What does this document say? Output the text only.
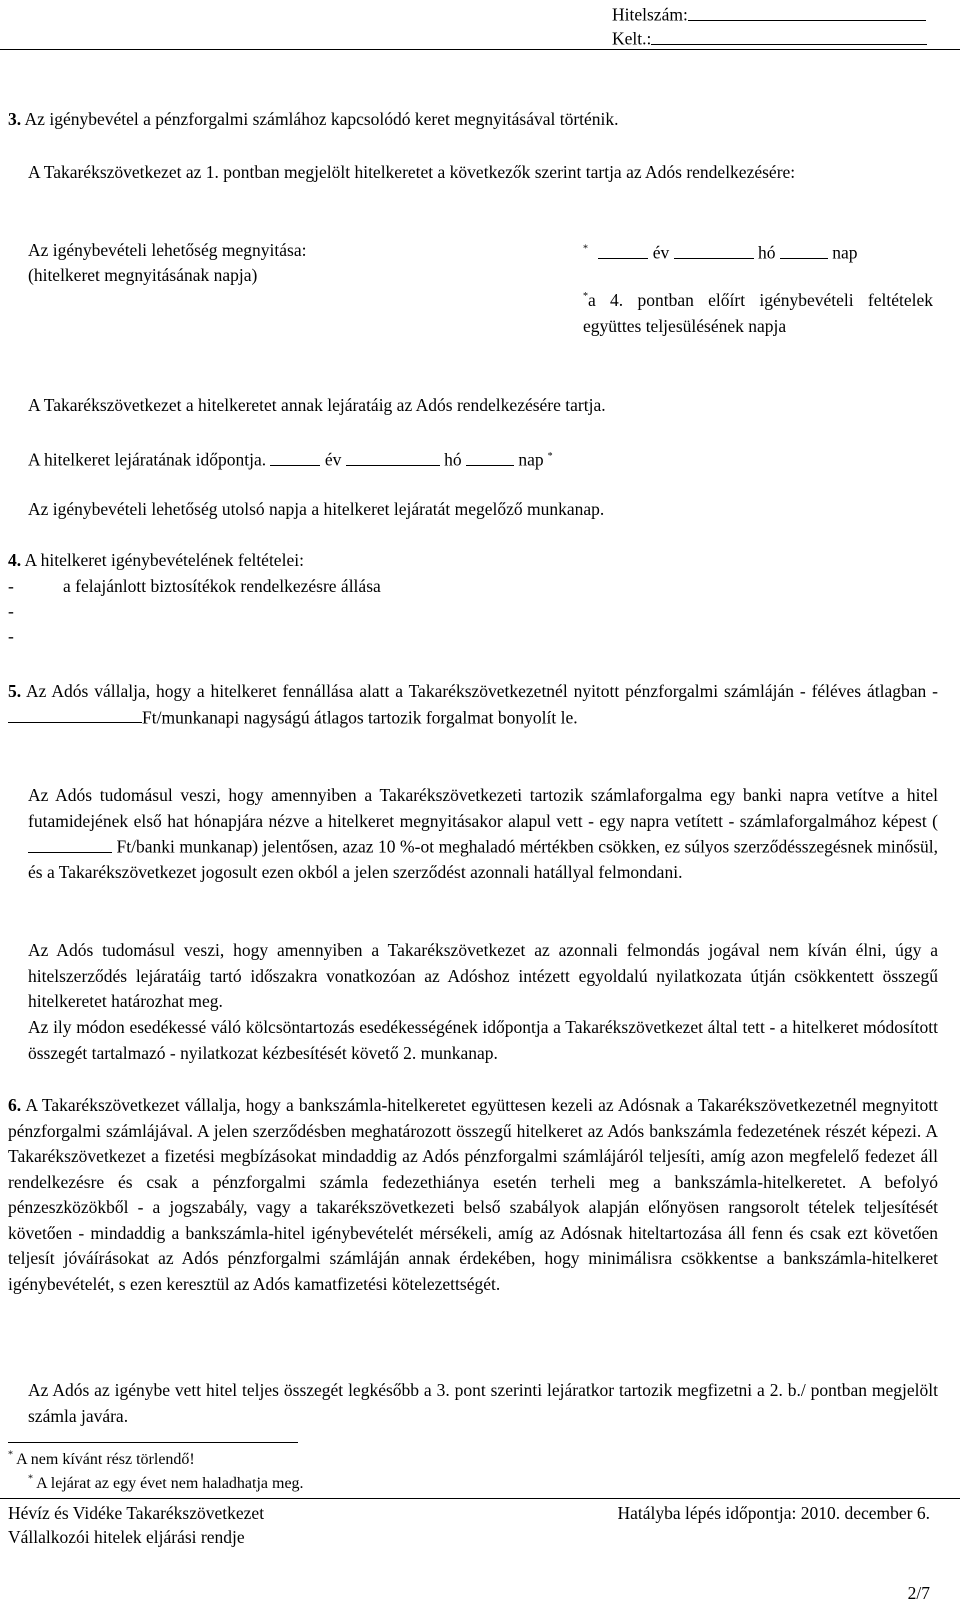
Hitelszám:
Kelt.:
3. Az igénybevétel a pénzforgalmi számlához kapcsolódó keret megnyitásával történik.
A Takarékszövetkezet az 1. pontban megjelölt hitelkeretet a következők szerint tartja az Adós rendelkezésére:
Az igénybevételi lehetőség megnyitása:
(hitelkeret megnyitásának napja)
*	év	hó	nap
*a 4. pontban előírt igénybevételi feltételek együttes teljesülésének napja
A Takarékszövetkezet a hitelkeretet annak lejáratáig az Adós rendelkezésére tartja.
A hitelkeret lejáratának időpontja.	év	hó	nap *
Az igénybevételi lehetőség utolsó napja a hitelkeret lejáratát megelőző munkanap.
4. A hitelkeret igénybevételének feltételei:
-	a felajánlott biztosítékok rendelkezésre állása
-
-
5. Az Adós vállalja, hogy a hitelkeret fennállása alatt a Takarékszövetkezetnél nyitott pénzforgalmi számláján - féléves átlagban - Ft/munkanapi nagyságú átlagos tartozik forgalmat bonyolít le.
Az Adós tudomásul veszi, hogy amennyiben a Takarékszövetkezeti tartozik számlaforgalma egy banki napra vetítve a hitel futamidejének első hat hónapjára nézve a hitelkeret megnyitásakor alapul vett - egy napra vetített - számlaforgalmához képest ( Ft/banki munkanap) jelentősen, azaz 10 %-ot meghaladó mértékben csökken, ez súlyos szerződésszegésnek minősül, és a Takarékszövetkezet jogosult ezen okból a jelen szerződést azonnali hatállyal felmondani.
Az Adós tudomásul veszi, hogy amennyiben a Takarékszövetkezet az azonnali felmondás jogával nem kíván élni, úgy a hitelszerződés lejáratáig tartó időszakra vonatkozóan az Adóshoz intézett egyoldalú nyilatkozata útján csökkentett összegű hitelkeretet határozhat meg.
Az ily módon esedékessé váló kölcsöntartozás esedékességének időpontja a Takarékszövetkezet által tett - a hitelkeret módosított összegét tartalmazó - nyilatkozat kézbesítését követő 2. munkanap.
6. A Takarékszövetkezet vállalja, hogy a bankszámla-hitelkeretet együttesen kezeli az Adósnak a Takarékszövetkezetnél megnyitott pénzforgalmi számlájával. A jelen szerződésben meghatározott összegű hitelkeret az Adós bankszámla fedezetének részét képezi. A Takarékszövetkezet a fizetési megbízásokat mindaddig az Adós pénzforgalmi számlájáról teljesíti, amíg azon megfelelő fedezet áll rendelkezésre és csak a pénzforgalmi számla fedezethiánya esetén terheli meg a bankszámla-hitelkeretet. A befolyó pénzeszközökből - a jogszabály, vagy a takarékszövetkezeti belső szabályok alapján előnyösen rangsorolt tételek teljesítését követően - mindaddig a bankszámla-hitel igénybevételét mérsékeli, amíg az Adósnak hiteltartozása áll fenn és csak ezt követően teljesít jóváírásokat az Adós pénzforgalmi számláján annak érdekében, hogy minimálisra csökkentse a bankszámla-hitelkeret igénybevételét, s ezen keresztül az Adós kamatfizetési kötelezettségét.
Az Adós az igénybe vett hitel teljes összegét legkésőbb a 3. pont szerinti lejáratkor tartozik megfizetni a 2. b./ pontban megjelölt számla javára.
* A nem kívánt rész törlendő!
* A lejárat az egy évet nem haladhatja meg.
Hévíz és Vidéke Takarékszövetkezet
Vállalkozói hitelek eljárási rendje
Hatályba lépés időpontja: 2010. december 6.
2/7
